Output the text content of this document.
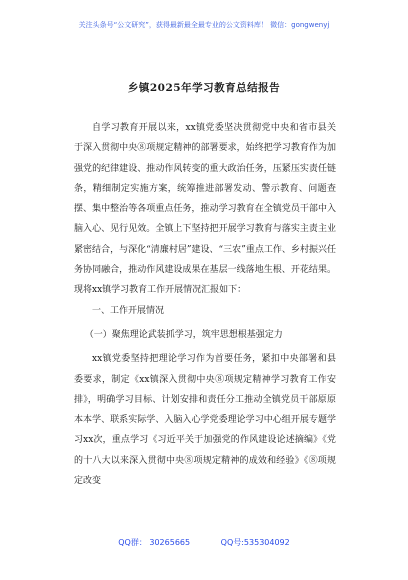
关注头条号“公文研究”，获得最新最全最专业的公文资料库！ 微信：gongwenyj
乡镇2025年学习教育总结报告

自学习教育开展以来，xx镇党委坚决贯彻党中央和省市县关于深入贯彻中央⑧项规定精神的部署要求，始终把学习教育作为加强党的纪律建设、推动作风转变的重大政治任务，压紧压实责任链条，精细制定实施方案，统筹推进部署发动、警示教育、问题查摆、集中整治等各项重点任务，推动学习教育在全镇党员干部中入脑入心、见行见效。全镇上下坚持把开展学习教育与落实主责主业紧密结合，与深化“清廉村居”建设、“三农”重点工作、乡村振兴任务协同融合，推动作风建设成果在基层一线落地生根、开花结果。现将xx镇学习教育工作开展情况汇报如下：

一、工作开展情况

（一）聚焦理论武装抓学习，筑牢思想根基强定力

xx镇党委坚持把理论学习作为首要任务，紧扣中央部署和县委要求，制定《xx镇深入贯彻中央⑧项规定精神学习教育工作安排》，明确学习目标、计划安排和责任分工推动全镇党员干部原原本本学、联系实际学、入脑入心学党委理论学习中心组开展专题学习xx次，重点学习《习近平关于加强党的作风建设论述摘编》《党的十八大以来深入贯彻中央⑧项规定精神的成效和经验》《⑧项规定改变

QQ群： 30265665	QQ号:535304092
